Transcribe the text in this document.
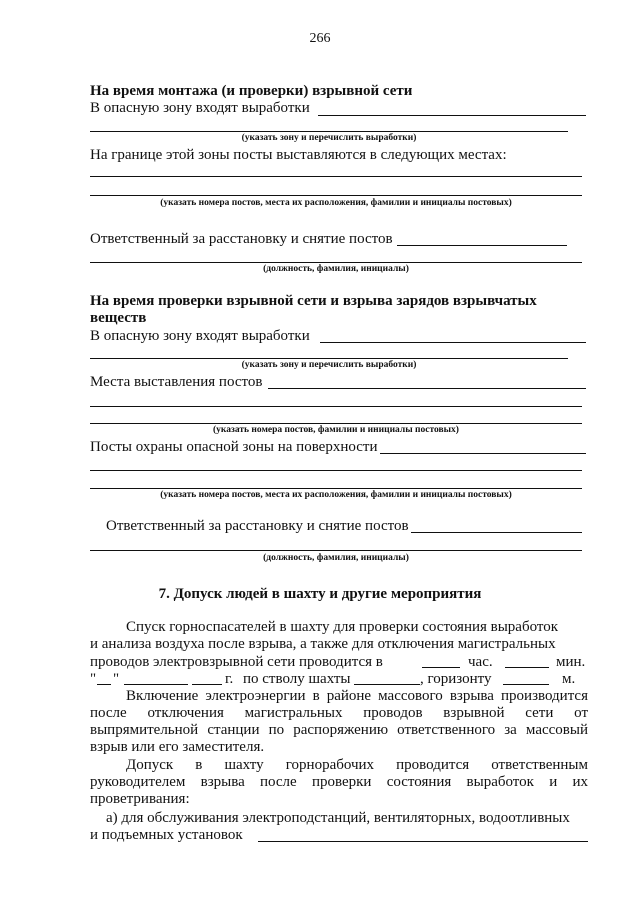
266
На время монтажа (и проверки) взрывной сети
В опасную зону входят выработки
(указать зону и перечислить выработки)
На границе этой зоны посты выставляются в следующих местах:
(указать номера постов, места их расположения, фамилии и инициалы постовых)
Ответственный за расстановку и снятие постов
(должность, фамилия, инициалы)
На время проверки взрывной сети и взрыва зарядов взрывчатых
веществ
В опасную зону входят выработки
(указать зону и перечислить выработки)
Места выставления постов
(указать номера постов, фамилии и инициалы постовых)
Посты охраны опасной зоны на поверхности
(указать номера постов, места их расположения, фамилии и инициалы постовых)
Ответственный за расстановку и снятие постов
(должность, фамилия, инициалы)
7. Допуск людей в шахту и другие мероприятия
Спуск горноспасателей в шахту для проверки состояния выработок
и анализа воздуха после взрыва, а также для отключения магистральных
проводов электровзрывной сети проводится в	час.	мин.
" "	г. по стволу шахты	, горизонту	м.
Включение электроэнергии в районе массового взрыва производится
после отключения магистральных проводов взрывной сети от
выпрямительной станции по распоряжению ответственного за массовый
взрыв или его заместителя.
Допуск в шахту горнорабочих проводится ответственным
руководителем взрыва после проверки состояния выработок и их
проветривания:
а) для обслуживания электроподстанций, вентиляторных, водоотливных
и подъемных установок
